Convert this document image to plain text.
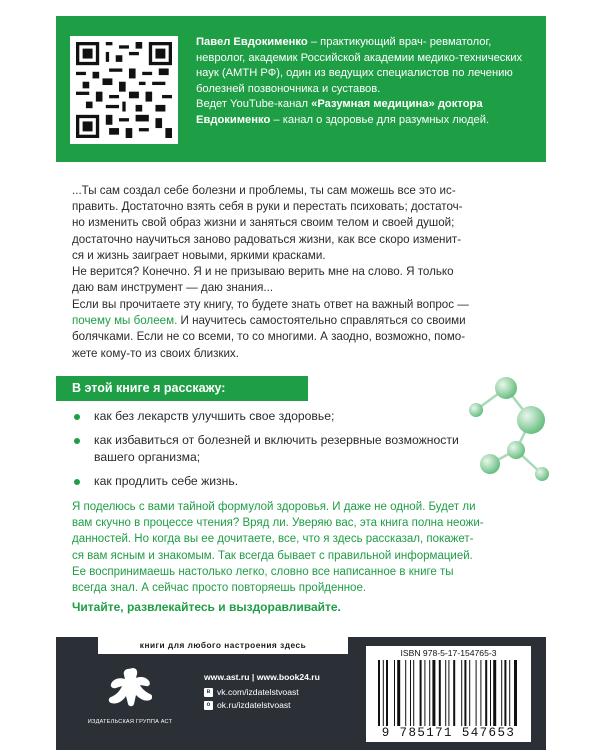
Павел Евдокименко – практикующий врач- ревматолог, невролог, академик Российской академии медико-технических наук (АМТН РФ), один из ведущих специалистов по лечению болезней позвоночника и суставов.
Ведет YouTube-канал «Разумная медицина» доктора Евдокименко – канал о здоровье для разумных людей.
...Ты сам создал себе болезни и проблемы, ты сам можешь все это ис-
править. Достаточно взять себя в руки и перестать психовать; достаточ-
но изменить свой образ жизни и заняться своим телом и своей душой;
достаточно научиться заново радоваться жизни, как все скоро изменит-
ся и жизнь заиграет новыми, яркими красками.
Не верится? Конечно. Я и не призываю верить мне на слово. Я только
даю вам инструмент — даю знания...
Если вы прочитаете эту книгу, то будете знать ответ на важный вопрос —
почему мы болеем. И научитесь самостоятельно справляться со своими
болячками. Если не со всеми, то со многими. А заодно, возможно, помо-
жете кому-то из своих близких.
В этой книге я расскажу:
как без лекарств улучшить свое здоровье;
как избавиться от болезней и включить резервные возможности вашего организма;
как продлить себе жизнь.
Я поделюсь с вами тайной формулой здоровья. И даже не одной. Будет ли
вам скучно в процессе чтения? Вряд ли. Уверяю вас, эта книга полна неожи-
данностей. Но когда вы ее дочитаете, все, что я здесь рассказал, покажет-
ся вам ясным и знакомым. Так всегда бывает с правильной информацией.
Ее воспринимаешь настолько легко, словно все написанное в книге ты
всегда знал. А сейчас просто повторяешь пройденное.
Читайте, развлекайтесь и выздоравливайте.
книги для любого настроения здесь
ИЗДАТЕЛЬСКАЯ ГРУППА АСТ
www.ast.ru | www.book24.ru
в vk.com/izdatelstvoast
о ok.ru/izdatelstvoast
ISBN 978-5-17-154765-3
9 785171 547653
